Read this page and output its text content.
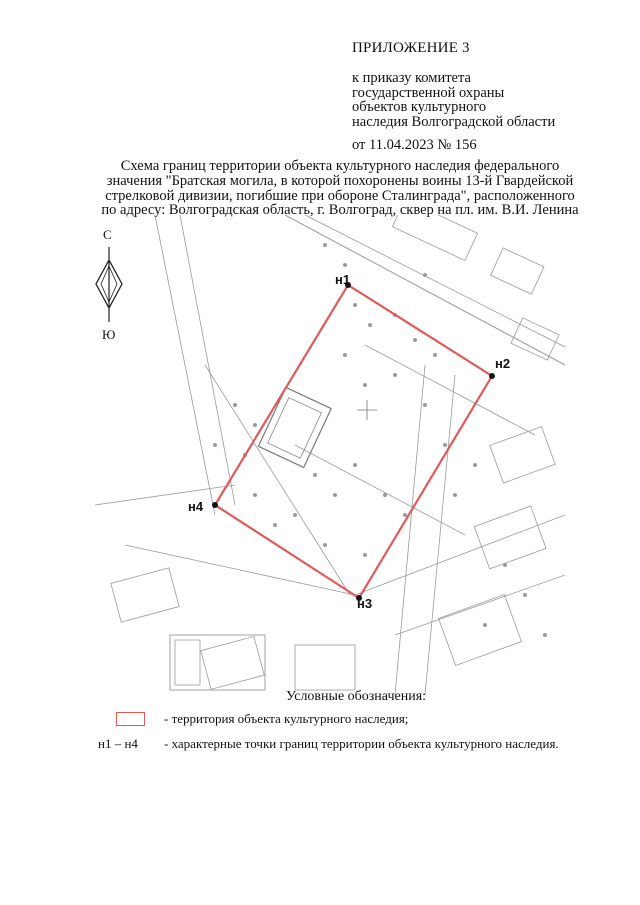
ПРИЛОЖЕНИЕ 3
к приказу комитета
государственной охраны
объектов культурного
наследия Волгоградской области
от 11.04.2023 № 156
Схема границ территории объекта культурного наследия федерального
значения "Братская могила, в которой похоронены воины 13-й Гвардейской
стрелковой дивизии, погибшие при обороне Сталинграда", расположенного
по адресу: Волгоградская область, г. Волгоград, сквер на пл. им. В.И. Ленина
С
Ю
н1
н2
н3
н4
Условные обозначения:
- территория объекта культурного наследия;
н1 – н4 - характерные точки границ территории объекта культурного наследия.
